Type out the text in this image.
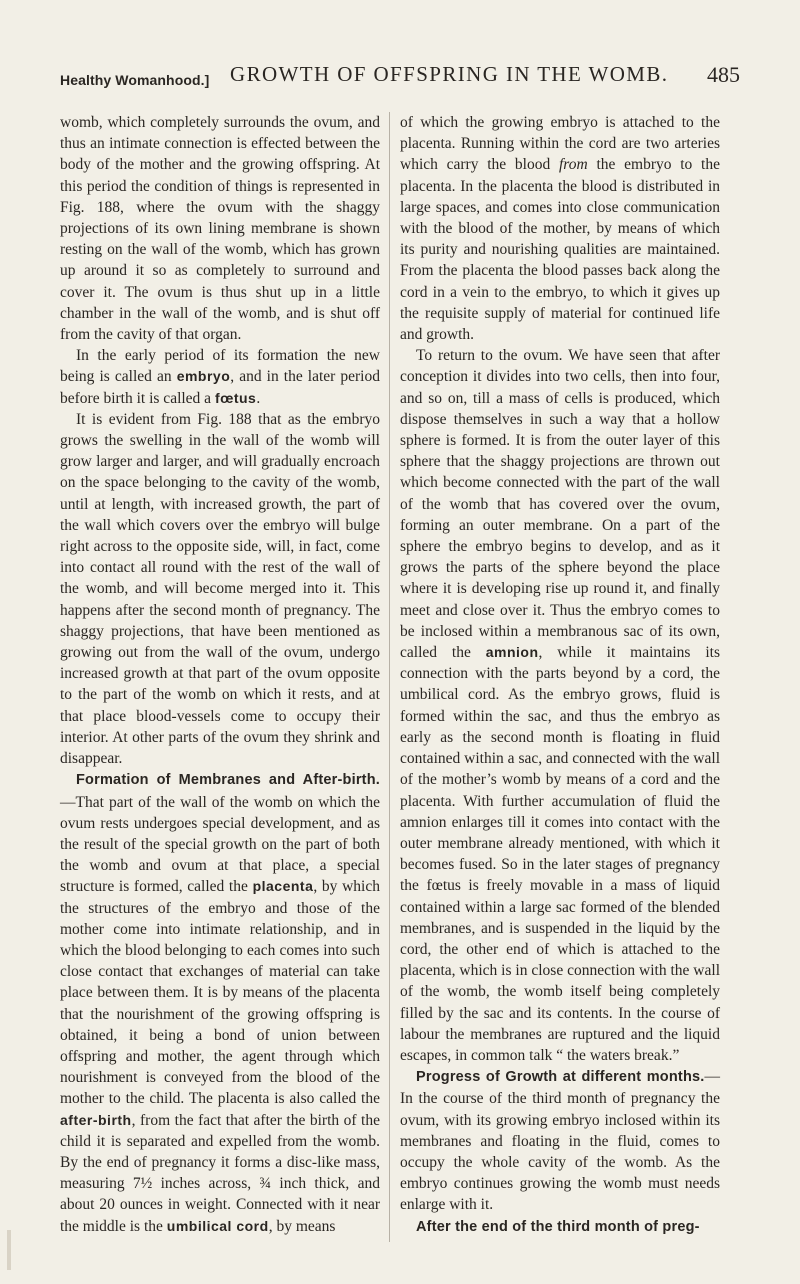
Healthy Womanhood.] GROWTH OF OFFSPRING IN THE WOMB. 485

womb, which completely surrounds the ovum, and thus an intimate connection is effected between the body of the mother and the growing offspring. At this period the condition of things is represented in Fig. 188, where the ovum with the shaggy projections of its own lining membrane is shown resting on the wall of the womb, which has grown up around it so as completely to surround and cover it. The ovum is thus shut up in a little chamber in the wall of the womb, and is shut off from the cavity of that organ.

In the early period of its formation the new being is called an embryo, and in the later period before birth it is called a fœtus.

It is evident from Fig. 188 that as the embryo grows the swelling in the wall of the womb will grow larger and larger, and will gradually encroach on the space belonging to the cavity of the womb, until at length, with increased growth, the part of the wall which covers over the embryo will bulge right across to the opposite side, will, in fact, come into contact all round with the rest of the wall of the womb, and will become merged into it. This happens after the second month of pregnancy. The shaggy projections, that have been mentioned as growing out from the wall of the ovum, undergo increased growth at that part of the ovum opposite to the part of the womb on which it rests, and at that place blood-vessels come to occupy their interior. At other parts of the ovum they shrink and disappear.

Formation of Membranes and After-birth.—That part of the wall of the womb on which the ovum rests undergoes special development, and as the result of the special growth on the part of both the womb and ovum at that place, a special structure is formed, called the placenta, by which the structures of the embryo and those of the mother come into intimate relationship, and in which the blood belonging to each comes into such close contact that exchanges of material can take place between them. It is by means of the placenta that the nourishment of the growing offspring is obtained, it being a bond of union between offspring and mother, the agent through which nourishment is conveyed from the blood of the mother to the child. The placenta is also called the after-birth, from the fact that after the birth of the child it is separated and expelled from the womb. By the end of pregnancy it forms a disc-like mass, measuring 7½ inches across, ¾ inch thick, and about 20 ounces in weight. Connected with it near the middle is the umbilical cord, by means

of which the growing embryo is attached to the placenta. Running within the cord are two arteries which carry the blood from the embryo to the placenta. In the placenta the blood is distributed in large spaces, and comes into close communication with the blood of the mother, by means of which its purity and nourishing qualities are maintained. From the placenta the blood passes back along the cord in a vein to the embryo, to which it gives up the requisite supply of material for continued life and growth.

To return to the ovum. We have seen that after conception it divides into two cells, then into four, and so on, till a mass of cells is produced, which dispose themselves in such a way that a hollow sphere is formed. It is from the outer layer of this sphere that the shaggy projections are thrown out which become connected with the part of the wall of the womb that has covered over the ovum, forming an outer membrane. On a part of the sphere the embryo begins to develop, and as it grows the parts of the sphere beyond the place where it is developing rise up round it, and finally meet and close over it. Thus the embryo comes to be inclosed within a membranous sac of its own, called the amnion, while it maintains its connection with the parts beyond by a cord, the umbilical cord. As the embryo grows, fluid is formed within the sac, and thus the embryo as early as the second month is floating in fluid contained within a sac, and connected with the wall of the mother’s womb by means of a cord and the placenta. With further accumulation of fluid the amnion enlarges till it comes into contact with the outer membrane already mentioned, with which it becomes fused. So in the later stages of pregnancy the fœtus is freely movable in a mass of liquid contained within a large sac formed of the blended membranes, and is suspended in the liquid by the cord, the other end of which is attached to the placenta, which is in close connection with the wall of the womb, the womb itself being completely filled by the sac and its contents. In the course of labour the membranes are ruptured and the liquid escapes, in common talk “ the waters break.”

Progress of Growth at different months.—In the course of the third month of pregnancy the ovum, with its growing embryo inclosed within its membranes and floating in the fluid, comes to occupy the whole cavity of the womb. As the embryo continues growing the womb must needs enlarge with it.

After the end of the third month of preg-
